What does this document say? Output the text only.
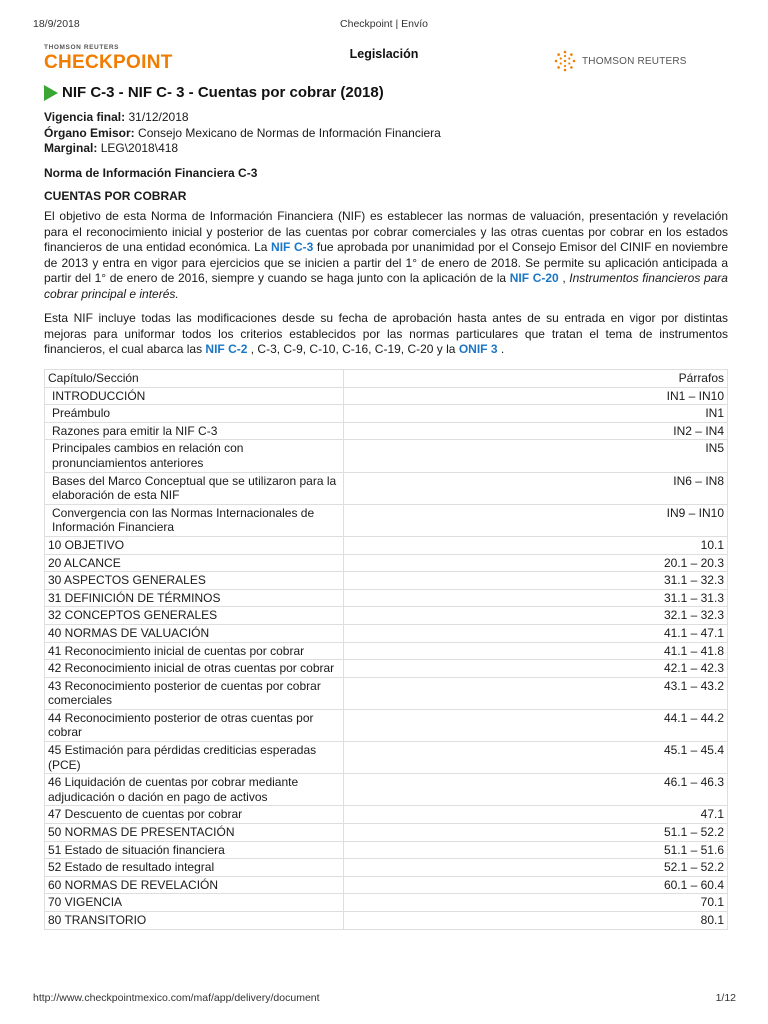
18/9/2018	Checkpoint | Envío
THOMSON REUTERS
CHECKPOINT	Legislación	THOMSON REUTERS
NIF C-3 - NIF C- 3 - Cuentas por cobrar (2018)
Vigencia final: 31/12/2018
Órgano Emisor: Consejo Mexicano de Normas de Información Financiera
Marginal: LEG\2018\418
Norma de Información Financiera C-3
CUENTAS POR COBRAR

El objetivo de esta Norma de Información Financiera (NIF) es establecer las normas de valuación, presentación y revelación para el reconocimiento inicial y posterior de las cuentas por cobrar comerciales y las otras cuentas por cobrar en los estados financieros de una entidad económica. La NIF C-3 fue aprobada por unanimidad por el Consejo Emisor del CINIF en noviembre de 2013 y entra en vigor para ejercicios que se inicien a partir del 1° de enero de 2018. Se permite su aplicación anticipada a partir del 1° de enero de 2016, siempre y cuando se haga junto con la aplicación de la NIF C-20 , Instrumentos financieros para cobrar principal e interés.

Esta NIF incluye todas las modificaciones desde su fecha de aprobación hasta antes de su entrada en vigor por distintas mejoras para uniformar todos los criterios establecidos por las normas particulares que tratan el tema de instrumentos financieros, el cual abarca las NIF C-2 , C-3, C-9, C-10, C-16, C-19, C-20 y la ONIF 3 .

Capítulo/Sección	Párrafos
INTRODUCCIÓN	IN1 – IN10
Preámbulo	IN1
Razones para emitir la NIF C-3	IN2 – IN4
Principales cambios en relación con pronunciamientos anteriores	IN5
Bases del Marco Conceptual que se utilizaron para la elaboración de esta NIF	IN6 – IN8
Convergencia con las Normas Internacionales de Información Financiera	IN9 – IN10
10 OBJETIVO	10.1
20 ALCANCE	20.1 – 20.3
30 ASPECTOS GENERALES	31.1 – 32.3
31 DEFINICIÓN DE TÉRMINOS	31.1 – 31.3
32 CONCEPTOS GENERALES	32.1 – 32.3
40 NORMAS DE VALUACIÓN	41.1 – 47.1
41 Reconocimiento inicial de cuentas por cobrar	41.1 – 41.8
42 Reconocimiento inicial de otras cuentas por cobrar	42.1 – 42.3
43 Reconocimiento posterior de cuentas por cobrar comerciales	43.1 – 43.2
44 Reconocimiento posterior de otras cuentas por cobrar	44.1 – 44.2
45 Estimación para pérdidas crediticias esperadas (PCE)	45.1 – 45.4
46 Liquidación de cuentas por cobrar mediante adjudicación o dación en pago de activos	46.1 – 46.3
47 Descuento de cuentas por cobrar	47.1
50 NORMAS DE PRESENTACIÓN	51.1 – 52.2
51 Estado de situación financiera	51.1 – 51.6
52 Estado de resultado integral	52.1 – 52.2
60 NORMAS DE REVELACIÓN	60.1 – 60.4
70 VIGENCIA	70.1
80 TRANSITORIO	80.1
http://www.checkpointmexico.com/maf/app/delivery/document	1/12
